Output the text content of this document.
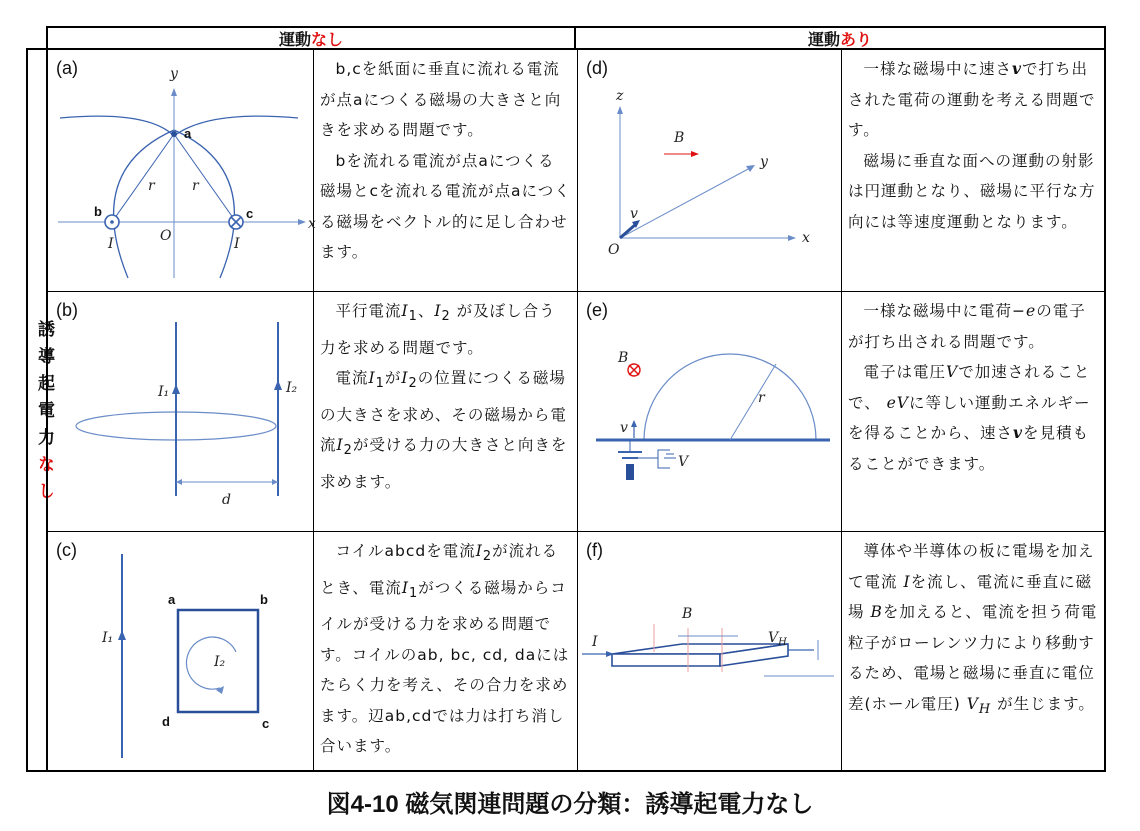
運動 なし	運動 あり
誘導起電力なし
(a)	y
x
O
r	r
a
b	c
I	I

b,cを紙面に垂直に流れる電流が点aにつくる磁場の大きさと向きを求める問題です。

bを流れる電流が点aにつくる磁場とcを流れる電流が点aにつくる磁場をベクトル的に足し合わせます。

(d)
z
y
x
O
B
v

一様な磁場中に速さvで打ち出された電荷の運動を考える問題です。

磁場に垂直な面への運動の射影は円運動となり、磁場に平行な方向には等速度運動となります。

(b)
I₁	I₂
d

平行電流$I_1$、$I_2$ が及ぼし合う力を求める問題です。

電流$I_1$が$I_2$の位置につくる磁場の大きさを求め、その磁場から電流$I_2$が受ける力の大きさと向きを求めます。

(e)
B
r
v
V

一様な磁場中に電荷−eの電子が打ち出される問題です。

電子は電圧Vで加速されることで、 eVに等しい運動エネルギーを得ることから、速さvを見積もることができます。

(c)
I₁
I₂
a	b
c
d

コイルabcdを電流$I_2$が流れるとき、電流$I_1$がつくる磁場からコイルが受ける力を求める問題です。コイルのab, bc, cd, daにはたらく力を考え、その合力を求めます。辺ab,cdでは力は打ち消し合います。

(f)
B
I	$V_H$

導体や半導体の板に電場を加えて電流 Iを流し、電流に垂直に磁場 Bを加えると、電流を担う荷電粒子がローレンツ力により移動するため、電場と磁場に垂直に電位差(ホール電圧) $V_H$ が生じます。

図4-10 磁気関連問題の分類：誘導起電力なし
